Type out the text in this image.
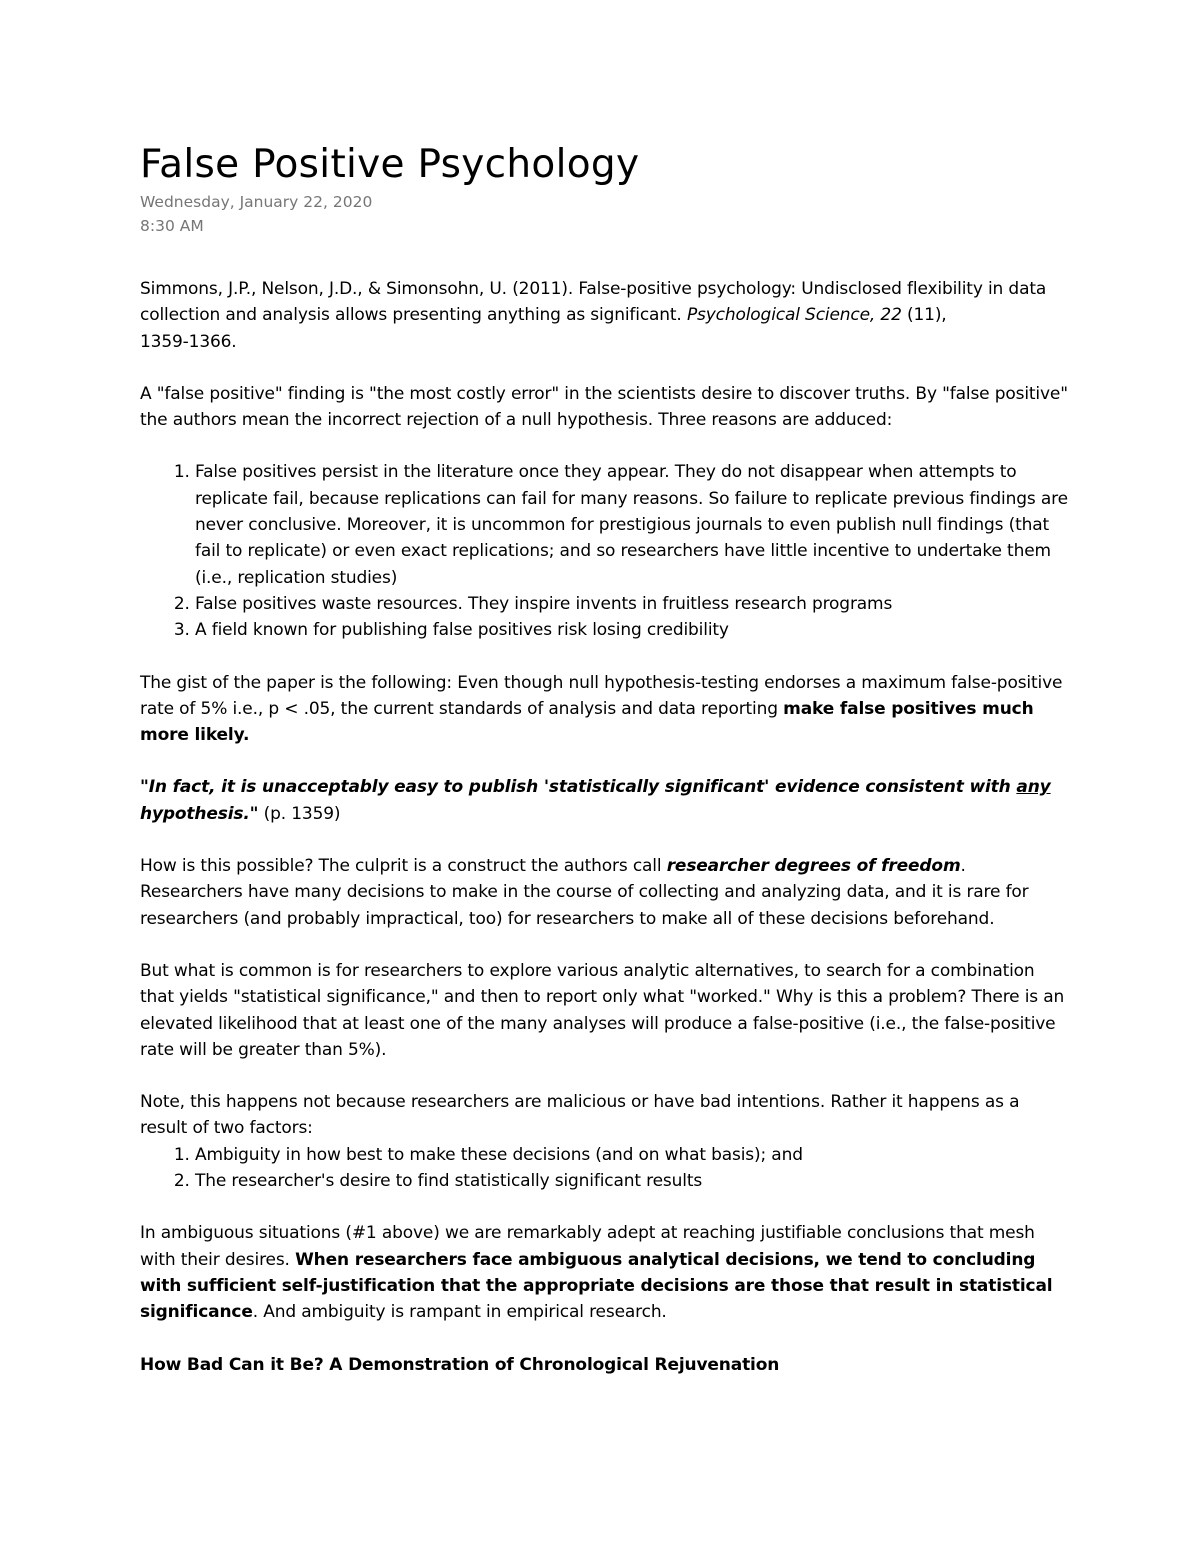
False Positive Psychology
Wednesday, January 22, 2020
8:30 AM

Simmons, J.P., Nelson, J.D., & Simonsohn, U. (2011). False-positive psychology: Undisclosed flexibility in data collection and analysis allows presenting anything as significant. Psychological Science, 22 (11),
1359-1366.

A "false positive" finding is "the most costly error" in the scientists desire to discover truths. By "false positive" the authors mean the incorrect rejection of a null hypothesis. Three reasons are adduced:

1. False positives persist in the literature once they appear. They do not disappear when attempts to replicate fail, because replications can fail for many reasons. So failure to replicate previous findings are never conclusive. Moreover, it is uncommon for prestigious journals to even publish null findings (that fail to replicate) or even exact replications; and so researchers have little incentive to undertake them (i.e., replication studies)
2. False positives waste resources. They inspire invents in fruitless research programs
3. A field known for publishing false positives risk losing credibility

The gist of the paper is the following: Even though null hypothesis-testing endorses a maximum false-positive rate of 5% i.e., p < .05, the current standards of analysis and data reporting make false positives much more likely.

"In fact, it is unacceptably easy to publish 'statistically significant' evidence consistent with any hypothesis." (p. 1359)

How is this possible? The culprit is a construct the authors call researcher degrees of freedom. Researchers have many decisions to make in the course of collecting and analyzing data, and it is rare for researchers (and probably impractical, too) for researchers to make all of these decisions beforehand.

But what is common is for researchers to explore various analytic alternatives, to search for a combination that yields "statistical significance," and then to report only what "worked." Why is this a problem? There is an elevated likelihood that at least one of the many analyses will produce a false-positive (i.e., the false-positive rate will be greater than 5%).

Note, this happens not because researchers are malicious or have bad intentions. Rather it happens as a result of two factors:

1. Ambiguity in how best to make these decisions (and on what basis); and
2. The researcher's desire to find statistically significant results

In ambiguous situations (#1 above) we are remarkably adept at reaching justifiable conclusions that mesh with their desires. When researchers face ambiguous analytical decisions, we tend to concluding with sufficient self-justification that the appropriate decisions are those that result in statistical significance. And ambiguity is rampant in empirical research.

How Bad Can it Be? A Demonstration of Chronological Rejuvenation
